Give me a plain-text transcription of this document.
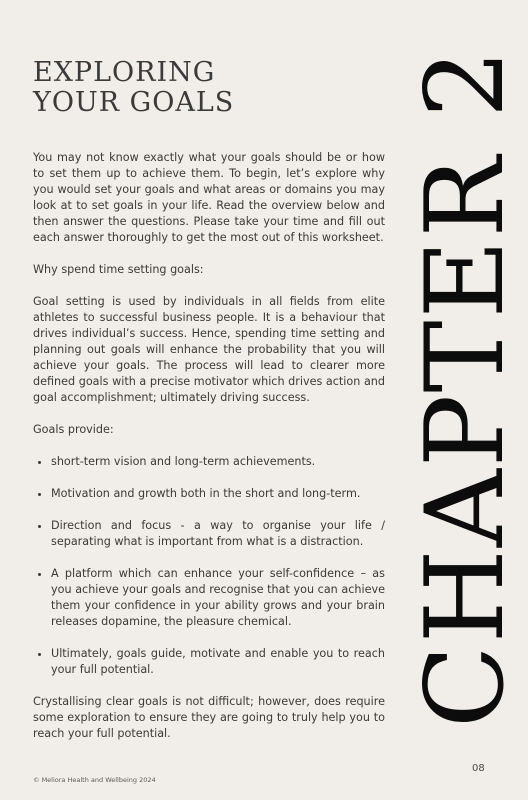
EXPLORING
YOUR GOALS

You may not know exactly what your goals should be or how to set them up to achieve them. To begin, let’s explore why you would set your goals and what areas or domains you may look at to set goals in your life. Read the overview below and then answer the questions. Please take your time and fill out each answer thoroughly to get the most out of this worksheet.

Why spend time setting goals:

Goal setting is used by individuals in all fields from elite athletes to successful business people. It is a behaviour that drives individual’s success. Hence, spending time setting and planning out goals will enhance the probability that you will achieve your goals. The process will lead to clearer more defined goals with a precise motivator which drives action and goal accomplishment; ultimately driving success.

Goals provide:

• short-term vision and long-term achievements.
• Motivation and growth both in the short and long-term.
• Direction and focus - a way to organise your life / separating what is important from what is a distraction.
• A platform which can enhance your self-confidence – as you achieve your goals and recognise that you can achieve them your confidence in your ability grows and your brain releases dopamine, the pleasure chemical.
• Ultimately, goals guide, motivate and enable you to reach your full potential.

Crystallising clear goals is not difficult; however, does require some exploration to ensure they are going to truly help you to reach your full potential.

CHAPTER 2
08
© Meliora Health and Wellbeing 2024
